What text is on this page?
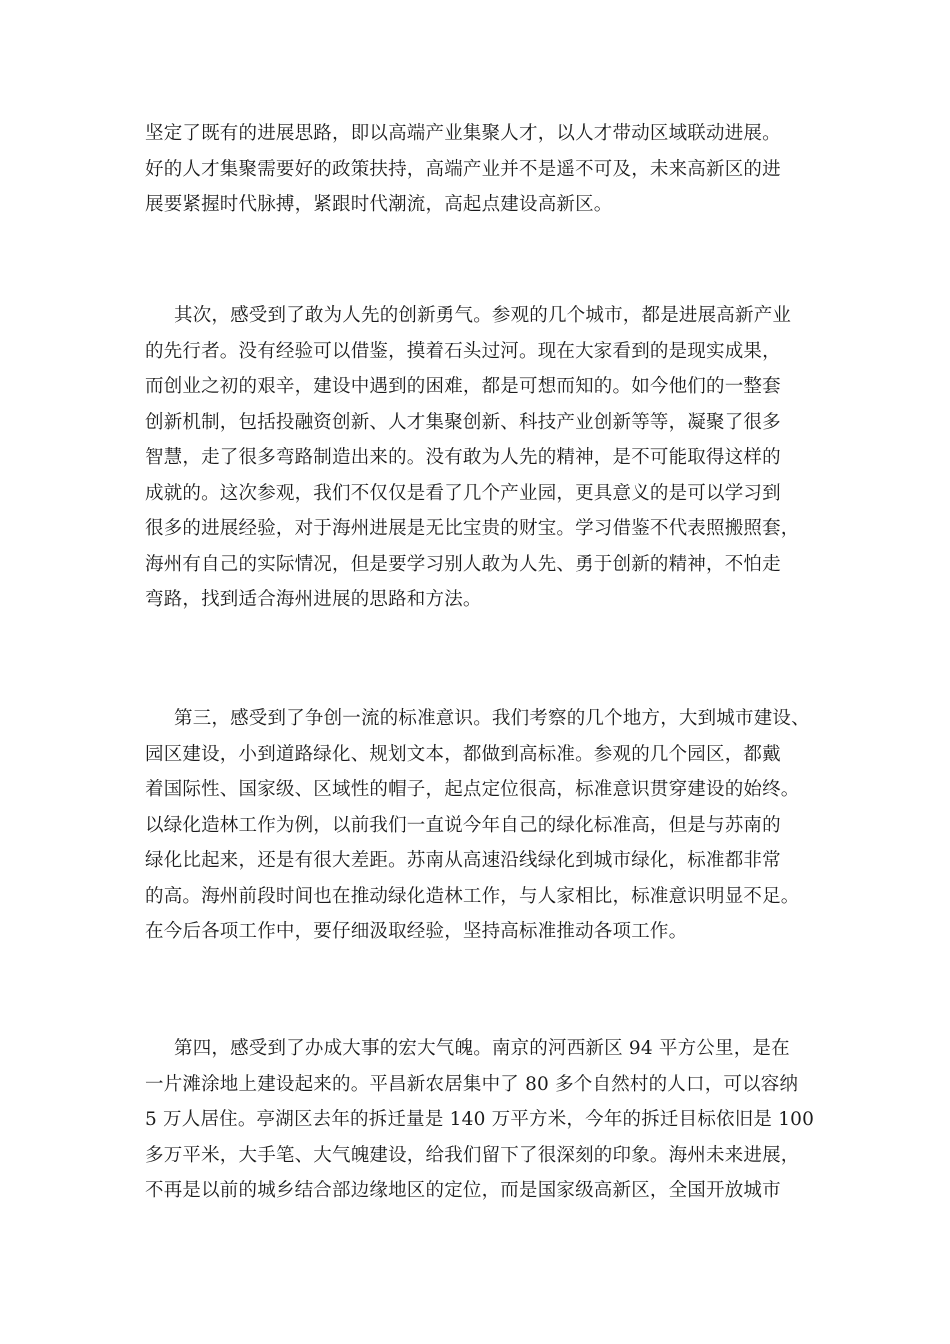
坚定了既有的进展思路，即以高端产业集聚人才，以人才带动区域联动进展。
好的人才集聚需要好的政策扶持，高端产业并不是遥不可及，未来高新区的进
展要紧握时代脉搏，紧跟时代潮流，高起点建设高新区。
其次，感受到了敢为人先的创新勇气。参观的几个城市，都是进展高新产业
的先行者。没有经验可以借鉴，摸着石头过河。现在大家看到的是现实成果，
而创业之初的艰辛，建设中遇到的困难，都是可想而知的。如今他们的一整套
创新机制，包括投融资创新、人才集聚创新、科技产业创新等等，凝聚了很多
智慧，走了很多弯路制造出来的。没有敢为人先的精神，是不可能取得这样的
成就的。这次参观，我们不仅仅是看了几个产业园，更具意义的是可以学习到
很多的进展经验，对于海州进展是无比宝贵的财宝。学习借鉴不代表照搬照套，
海州有自己的实际情况，但是要学习别人敢为人先、勇于创新的精神，不怕走
弯路，找到适合海州进展的思路和方法。
第三，感受到了争创一流的标准意识。我们考察的几个地方，大到城市建设、
园区建设，小到道路绿化、规划文本，都做到高标准。参观的几个园区，都戴
着国际性、国家级、区域性的帽子，起点定位很高，标准意识贯穿建设的始终。
以绿化造林工作为例，以前我们一直说今年自己的绿化标准高，但是与苏南的
绿化比起来，还是有很大差距。苏南从高速沿线绿化到城市绿化，标准都非常
的高。海州前段时间也在推动绿化造林工作，与人家相比，标准意识明显不足。
在今后各项工作中，要仔细汲取经验，坚持高标准推动各项工作。
第四，感受到了办成大事的宏大气魄。南京的河西新区 94 平方公里，是在
一片滩涂地上建设起来的。平昌新农居集中了 80 多个自然村的人口，可以容纳
5 万人居住。亭湖区去年的拆迁量是 140 万平方米，今年的拆迁目标依旧是 100
多万平米，大手笔、大气魄建设，给我们留下了很深刻的印象。海州未来进展，
不再是以前的城乡结合部边缘地区的定位，而是国家级高新区，全国开放城市
